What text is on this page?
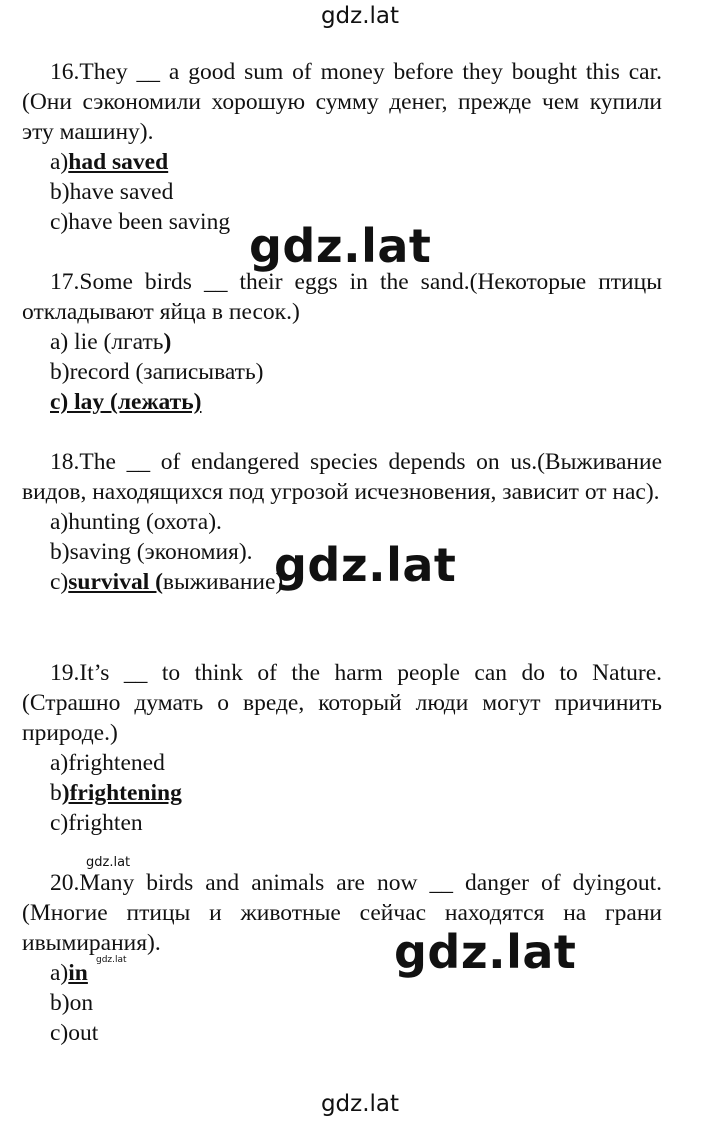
gdz.lat

16.They __ a good sum of money before they bought this car.(Они сэкономили хорошую сумму денег, прежде чем купили эту машину).

a)had saved

b)have saved

c)have been saving

17.Some birds __ their eggs in the sand.(Некоторые птицы откладывают яйца в песок.)

a) lie (лгать)

b)record (записывать)

c) lay (лежать)

18.The __ of endangered species depends on us.(Выживание видов, находящихся под угрозой исчезновения, зависит от нас).

a)hunting (охота).

b)saving (экономия).

c)survival (выживание).

19.It’s __ to think of the harm people can do to Nature.(Страшно думать о вреде, который люди могут причинить природе.)

a)frightened

b)frightening

c)frighten

20.Many birds and animals are now __ danger of dyingout.(Многие птицы и животные сейчас находятся на грани ивымирания).

a)in

b)on

c)out

gdz.lat
gdz.lat
gdz.lat
gdz.lat
gdz.lat
gdz.lat
